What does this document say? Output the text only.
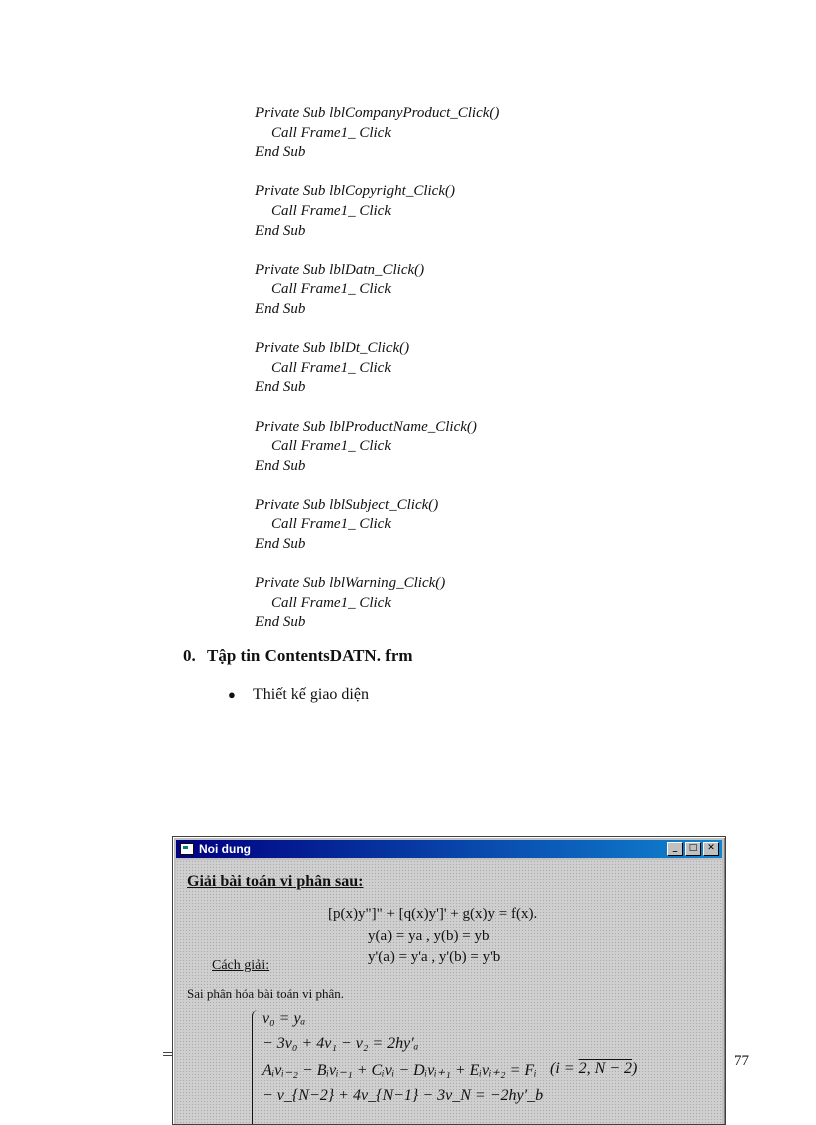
Private Sub lblCompanyProduct_Click()
Call Frame1_ Click
End Sub
Private Sub lblCopyright_Click()
Call Frame1_ Click
End Sub
Private Sub lblDatn_Click()
Call Frame1_ Click
End Sub
Private Sub lblDt_Click()
Call Frame1_ Click
End Sub
Private Sub lblProductName_Click()
Call Frame1_ Click
End Sub
Private Sub lblSubject_Click()
Call Frame1_ Click
End Sub
Private Sub lblWarning_Click()
Call Frame1_ Click
End Sub
0. Tập tin ContentsDATN. frm
● Thiết kế giao diện
Noi dung	_	□	✕
Giải bài toán vi phân sau:
[p(x)y"]" + [q(x)y']' + g(x)y = f(x).
y(a) = ya , y(b) = yb
y'(a) = y'a , y'(b) = y'b
Cách giải:
Sai phân hóa bài toán vi phân.
v₀ = yₐ
− 3v₀ + 4v₁ − v₂ = 2hy′ₐ
Aᵢvᵢ₋₂ − Bᵢvᵢ₋₁ + Cᵢvᵢ − Dᵢvᵢ₊₁ + Eᵢvᵢ₊₂ = Fᵢ
− v_{N−2} + 4v_{N−1} − 3v_N = −2hy′_b
(i = 2, N − 2)	77
